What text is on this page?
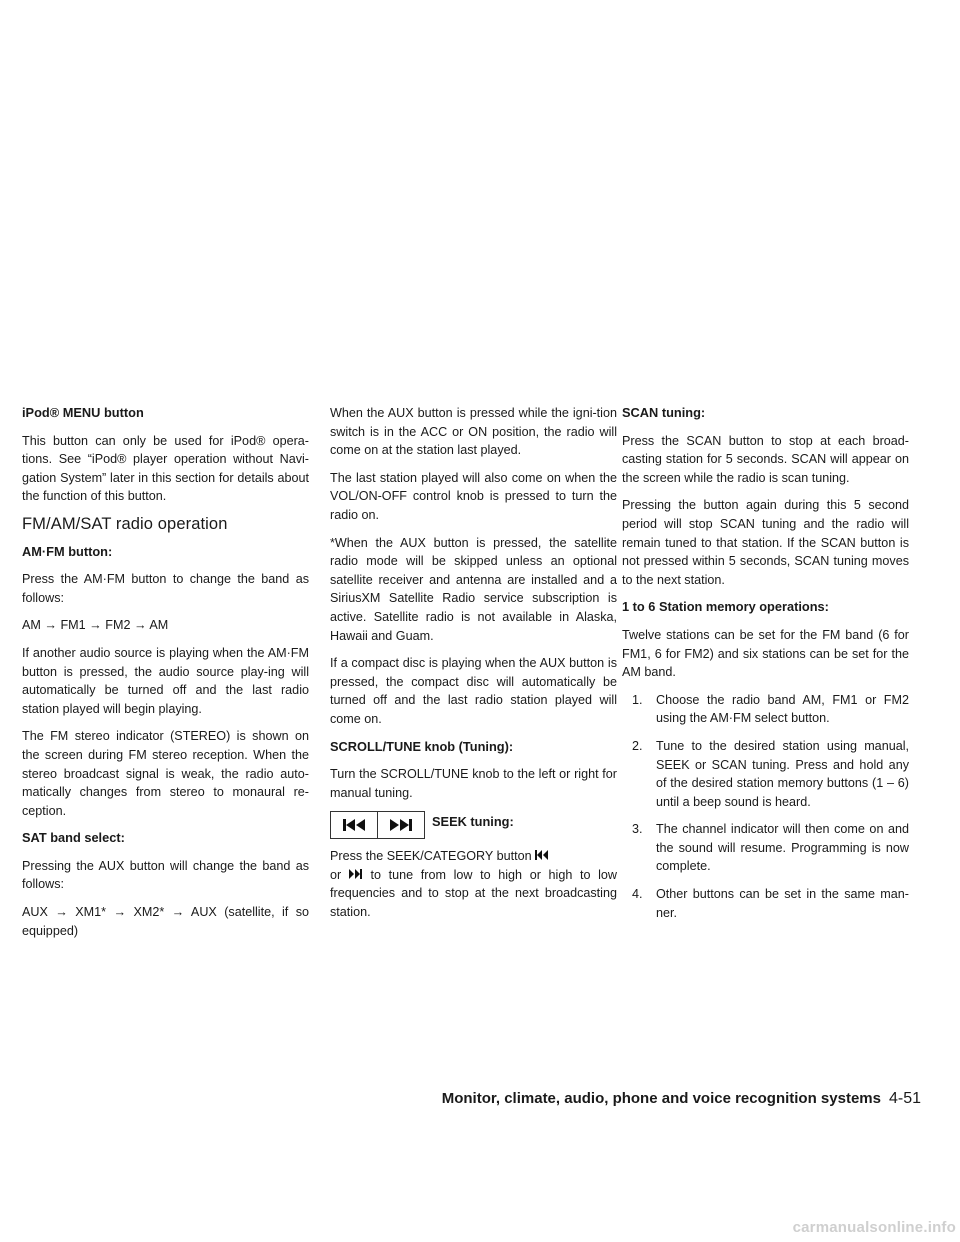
iPod® MENU button

This button can only be used for iPod® opera-tions. See “iPod® player operation without Navi-gation System” later in this section for details about the function of this button.

FM/AM/SAT radio operation
AM·FM button:

Press the AM·FM button to change the band as follows:

AM → FM1 → FM2 → AM

If another audio source is playing when the AM·FM button is pressed, the audio source play-ing will automatically be turned off and the last radio station played will begin playing.

The FM stereo indicator (STEREO) is shown on the screen during FM stereo reception. When the stereo broadcast signal is weak, the radio auto-matically changes from stereo to monaural re-ception.

SAT band select:

Pressing the AUX button will change the band as follows:

AUX → XM1* → XM2* → AUX (satellite, if so equipped)

When the AUX button is pressed while the igni-tion switch is in the ACC or ON position, the radio will come on at the station last played.

The last station played will also come on when the VOL/ON-OFF control knob is pressed to turn the radio on.

*When the AUX button is pressed, the satellite radio mode will be skipped unless an optional satellite receiver and antenna are installed and a SiriusXM Satellite Radio service subscription is active. Satellite radio is not available in Alaska, Hawaii and Guam.

If a compact disc is playing when the AUX button is pressed, the compact disc will automatically be turned off and the last radio station played will come on.

SCROLL/TUNE knob (Tuning):

Turn the SCROLL/TUNE knob to the left or right for manual tuning.

SEEK tuning:

Press the SEEK/CATEGORY button
or  to tune from low to high or high to low frequencies and to stop at the next broadcasting station.

SCAN tuning:

Press the SCAN button to stop at each broad-casting station for 5 seconds. SCAN will appear on the screen while the radio is scan tuning.

Pressing the button again during this 5 second period will stop SCAN tuning and the radio will remain tuned to that station. If the SCAN button is not pressed within 5 seconds, SCAN tuning moves to the next station.

1 to 6 Station memory operations:

Twelve stations can be set for the FM band (6 for FM1, 6 for FM2) and six stations can be set for the AM band.

1. Choose the radio band AM, FM1 or FM2 using the AM·FM select button.
2. Tune to the desired station using manual, SEEK or SCAN tuning. Press and hold any of the desired station memory buttons (1 – 6) until a beep sound is heard.
3. The channel indicator will then come on and the sound will resume. Programming is now complete.
4. Other buttons can be set in the same man-ner.
Monitor, climate, audio, phone and voice recognition systems 4-51
carmanualsonline.info
